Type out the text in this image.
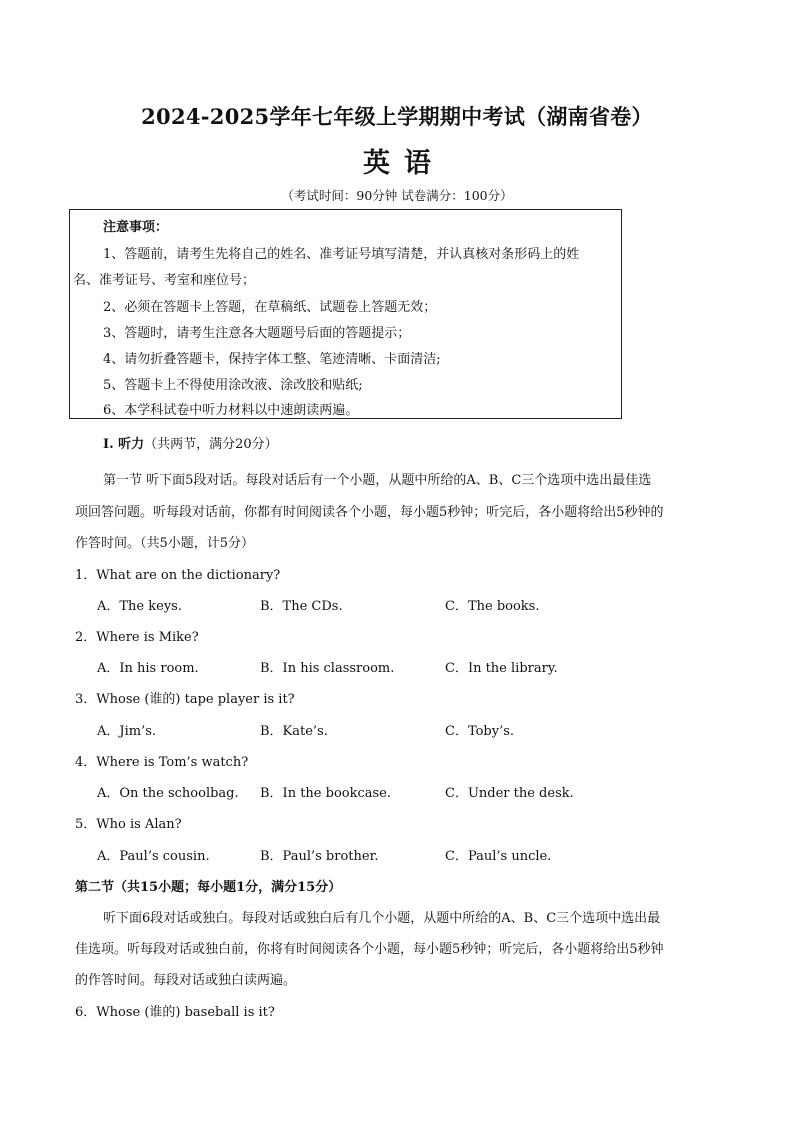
2024-2025学年七年级上学期期中考试（湖南省卷）
英语
（考试时间：90分钟 试卷满分：100分）
注意事项：
1、答题前，请考生先将自己的姓名、准考证号填写清楚，并认真核对条形码上的姓
名、准考证号、考室和座位号；
2、必须在答题卡上答题，在草稿纸、试题卷上答题无效；
3、答题时，请考生注意各大题题号后面的答题提示；
4、请勿折叠答题卡，保持字体工整、笔迹清晰、卡面清洁;
5、答题卡上不得使用涂改液、涂改胶和贴纸;
6、本学科试卷中听力材料以中速朗读两遍。
I. 听力（共两节，满分20分）
第一节 听下面5段对话。每段对话后有一个小题，从题中所给的A、B、C三个选项中选出最佳选
项回答问题。听每段对话前，你都有时间阅读各个小题，每小题5秒钟；听完后，各小题将给出5秒钟的
作答时间。（共5小题，计5分）
1．What are on the dictionary?
A．The keys.	B．The CDs.	C．The books.
2．Where is Mike?
A．In his room.	B．In his classroom.	C．In the library.
3．Whose (谁的) tape player is it?
A．Jim’s.	B．Kate’s.	C．Toby’s.
4．Where is Tom’s watch?
A．On the schoolbag. B．In the bookcase.	C．Under the desk.
5．Who is Alan?
A．Paul’s cousin.	B．Paul’s brother.	C．Paul’s uncle.
第二节（共15小题；每小题1分，满分15分）
听下面6段对话或独白。每段对话或独白后有几个小题，从题中所给的A、B、C三个选项中选出最
佳选项。听每段对话或独白前，你将有时间阅读各个小题，每小题5秒钟；听完后，各小题将给出5秒钟
的作答时间。每段对话或独白读两遍。
6．Whose (谁的) baseball is it?
